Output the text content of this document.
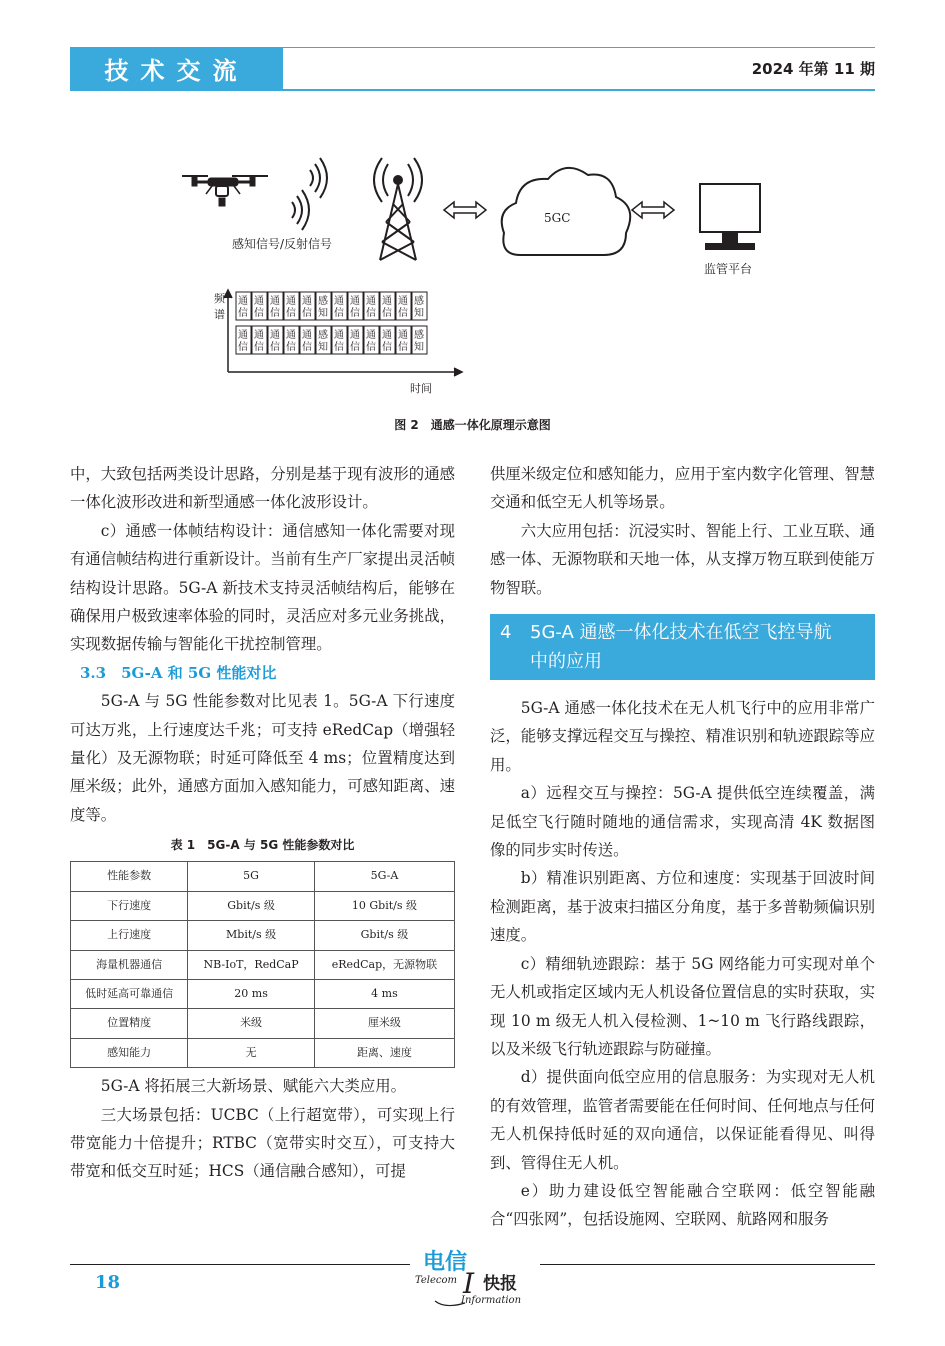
技术交流	2024 年第 11 期
感知信号/反射信号
5GC
监管平台
频
谱
时间
通
信
通
信
通
信
通
信
通
信
感
知
通
信
通
信
通
信
通
信
通
信
感
知
通
信
通
信
通
信
通
信
通
信
感
知
通
信
通
信
通
信
通
信
通
信
感
知
图 2 通感一体化原理示意图

中，大致包括两类设计思路，分别是基于现有波形的通感一体化波形改进和新型通感一体化波形设计。

c）通感一体帧结构设计：通信感知一体化需要对现有通信帧结构进行重新设计。当前有生产厂家提出灵活帧结构设计思路。5G-A 新技术支持灵活帧结构后，能够在确保用户极致速率体验的同时，灵活应对多元业务挑战，实现数据传输与智能化干扰控制管理。

3.3　5G-A 和 5G 性能对比

5G-A 与 5G 性能参数对比见表 1。5G-A 下行速度可达万兆，上行速度达千兆；可支持 eRedCap（增强轻量化）及无源物联；时延可降低至 4 ms；位置精度达到厘米级；此外，通感方面加入感知能力，可感知距离、速度等。

表 1　5G-A 与 5G 性能参数对比
性能参数	5G	5G-A
下行速度	Gbit/s 级	10 Gbit/s 级
上行速度	Mbit/s 级	Gbit/s 级
海量机器通信	NB-IoT，RedCaP	eRedCap，无源物联
低时延高可靠通信	20 ms	4 ms
位置精度	米级	厘米级
感知能力	无	距离、速度

5G-A 将拓展三大新场景、赋能六大类应用。

三大场景包括：UCBC（上行超宽带），可实现上行带宽能力十倍提升；RTBC（宽带实时交互），可支持大带宽和低交互时延；HCS（通信融合感知），可提

供厘米级定位和感知能力，应用于室内数字化管理、智慧交通和低空无人机等场景。

六大应用包括：沉浸实时、智能上行、工业互联、通感一体、无源物联和天地一体，从支撑万物互联到使能万物智联。

4 5G-A 通感一体化技术在低空飞控导航
中的应用

5G-A 通感一体化技术在无人机飞行中的应用非常广泛，能够支撑远程交互与操控、精准识别和轨迹跟踪等应用。

a）远程交互与操控：5G-A 提供低空连续覆盖，满足低空飞行随时随地的通信需求，实现高清 4K 数据图像的同步实时传送。

b）精准识别距离、方位和速度：实现基于回波时间检测距离，基于波束扫描区分角度，基于多普勒频偏识别速度。

c）精细轨迹跟踪：基于 5G 网络能力可实现对单个无人机或指定区域内无人机设备位置信息的实时获取，实现 10 m 级无人机入侵检测、1~10 m 飞行路线跟踪，以及米级飞行轨迹跟踪与防碰撞。

d）提供面向低空应用的信息服务：为实现对无人机的有效管理，监管者需要能在任何时间、任何地点与任何无人机保持低时延的双向通信，以保证能看得见、叫得到、管得住无人机。

e）助力建设低空智能融合空联网：低空智能融合“四张网”，包括设施网、空联网、航路网和服务

18
电信
Telecom I 快报
Information
